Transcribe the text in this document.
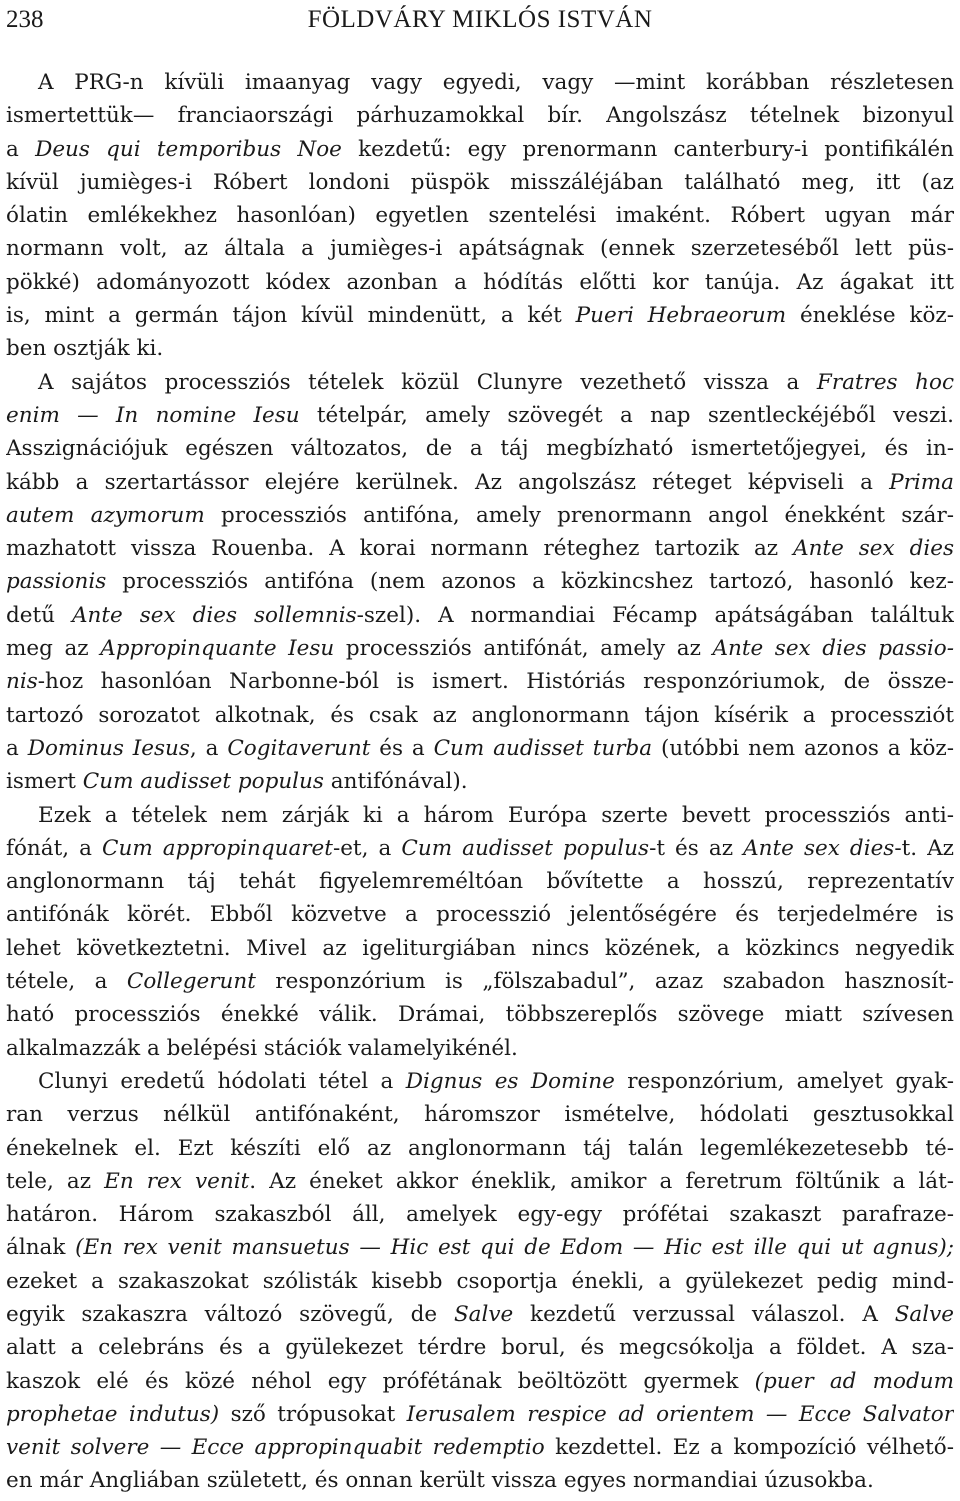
238	FÖLDVÁRY MIKLÓS ISTVÁN
A PRG-n kívüli imaanyag vagy egyedi, vagy —mint korábban részletesen
ismertettük— franciaországi párhuzamokkal bír. Angolszász tételnek bizonyul
a Deus qui temporibus Noe kezdetű: egy prenormann canterbury-i pontifikálén
kívül jumièges-i Róbert londoni püspök misszáléjában található meg, itt (az
ólatin emlékekhez hasonlóan) egyetlen szentelési imaként. Róbert ugyan már
normann volt, az általa a jumièges-i apátságnak (ennek szerzeteséből lett püs-
pökké) adományozott kódex azonban a hódítás előtti kor tanúja. Az ágakat itt
is, mint a germán tájon kívül mindenütt, a két Pueri Hebraeorum éneklése köz-
ben osztják ki.
A sajátos processziós tételek közül Clunyre vezethető vissza a Fratres hoc
enim — In nomine Iesu tételpár, amely szövegét a nap szentleckéjéből veszi.
Asszignációjuk egészen változatos, de a táj megbízható ismertetőjegyei, és in-
kább a szertartássor elejére kerülnek. Az angolszász réteget képviseli a Prima
autem azymorum processziós antifóna, amely prenormann angol énekként szár-
mazhatott vissza Rouenba. A korai normann réteghez tartozik az Ante sex dies
passionis processziós antifóna (nem azonos a közkincshez tartozó, hasonló kez-
detű Ante sex dies sollemnis-szel). A normandiai Fécamp apátságában találtuk
meg az Appropinquante Iesu processziós antifónát, amely az Ante sex dies passio-
nis-hoz hasonlóan Narbonne-ból is ismert. Históriás responzóriumok, de össze-
tartozó sorozatot alkotnak, és csak az anglonormann tájon kísérik a processziót
a Dominus Iesus, a Cogitaverunt és a Cum audisset turba (utóbbi nem azonos a köz-
ismert Cum audisset populus antifónával).
Ezek a tételek nem zárják ki a három Európa szerte bevett processziós anti-
fónát, a Cum appropinquaret-et, a Cum audisset populus-t és az Ante sex dies-t. Az
anglonormann táj tehát figyelemreméltóan bővítette a hosszú, reprezentatív
antifónák körét. Ebből közvetve a processzió jelentőségére és terjedelmére is
lehet következtetni. Mivel az igeliturgiában nincs közének, a közkincs negyedik
tétele, a Collegerunt responzórium is „fölszabadul”, azaz szabadon hasznosít-
ható processziós énekké válik. Drámai, többszereplős szövege miatt szívesen
alkalmazzák a belépési stációk valamelyikénél.
Clunyi eredetű hódolati tétel a Dignus es Domine responzórium, amelyet gyak-
ran verzus nélkül antifónaként, háromszor ismételve, hódolati gesztusokkal
énekelnek el. Ezt készíti elő az anglonormann táj talán legemlékezetesebb té-
tele, az En rex venit. Az éneket akkor éneklik, amikor a feretrum föltűnik a lát-
határon. Három szakaszból áll, amelyek egy-egy prófétai szakaszt parafraze-
álnak (En rex venit mansuetus — Hic est qui de Edom — Hic est ille qui ut agnus);
ezeket a szakaszokat szólisták kisebb csoportja énekli, a gyülekezet pedig mind-
egyik szakaszra változó szövegű, de Salve kezdetű verzussal válaszol. A Salve
alatt a celebráns és a gyülekezet térdre borul, és megcsókolja a földet. A sza-
kaszok elé és közé néhol egy prófétának beöltözött gyermek (puer ad modum
prophetae indutus) sző trópusokat Ierusalem respice ad orientem — Ecce Salvator
venit solvere — Ecce appropinquabit redemptio kezdettel. Ez a kompozíció vélhető-
en már Angliában született, és onnan került vissza egyes normandiai úzusokba.
